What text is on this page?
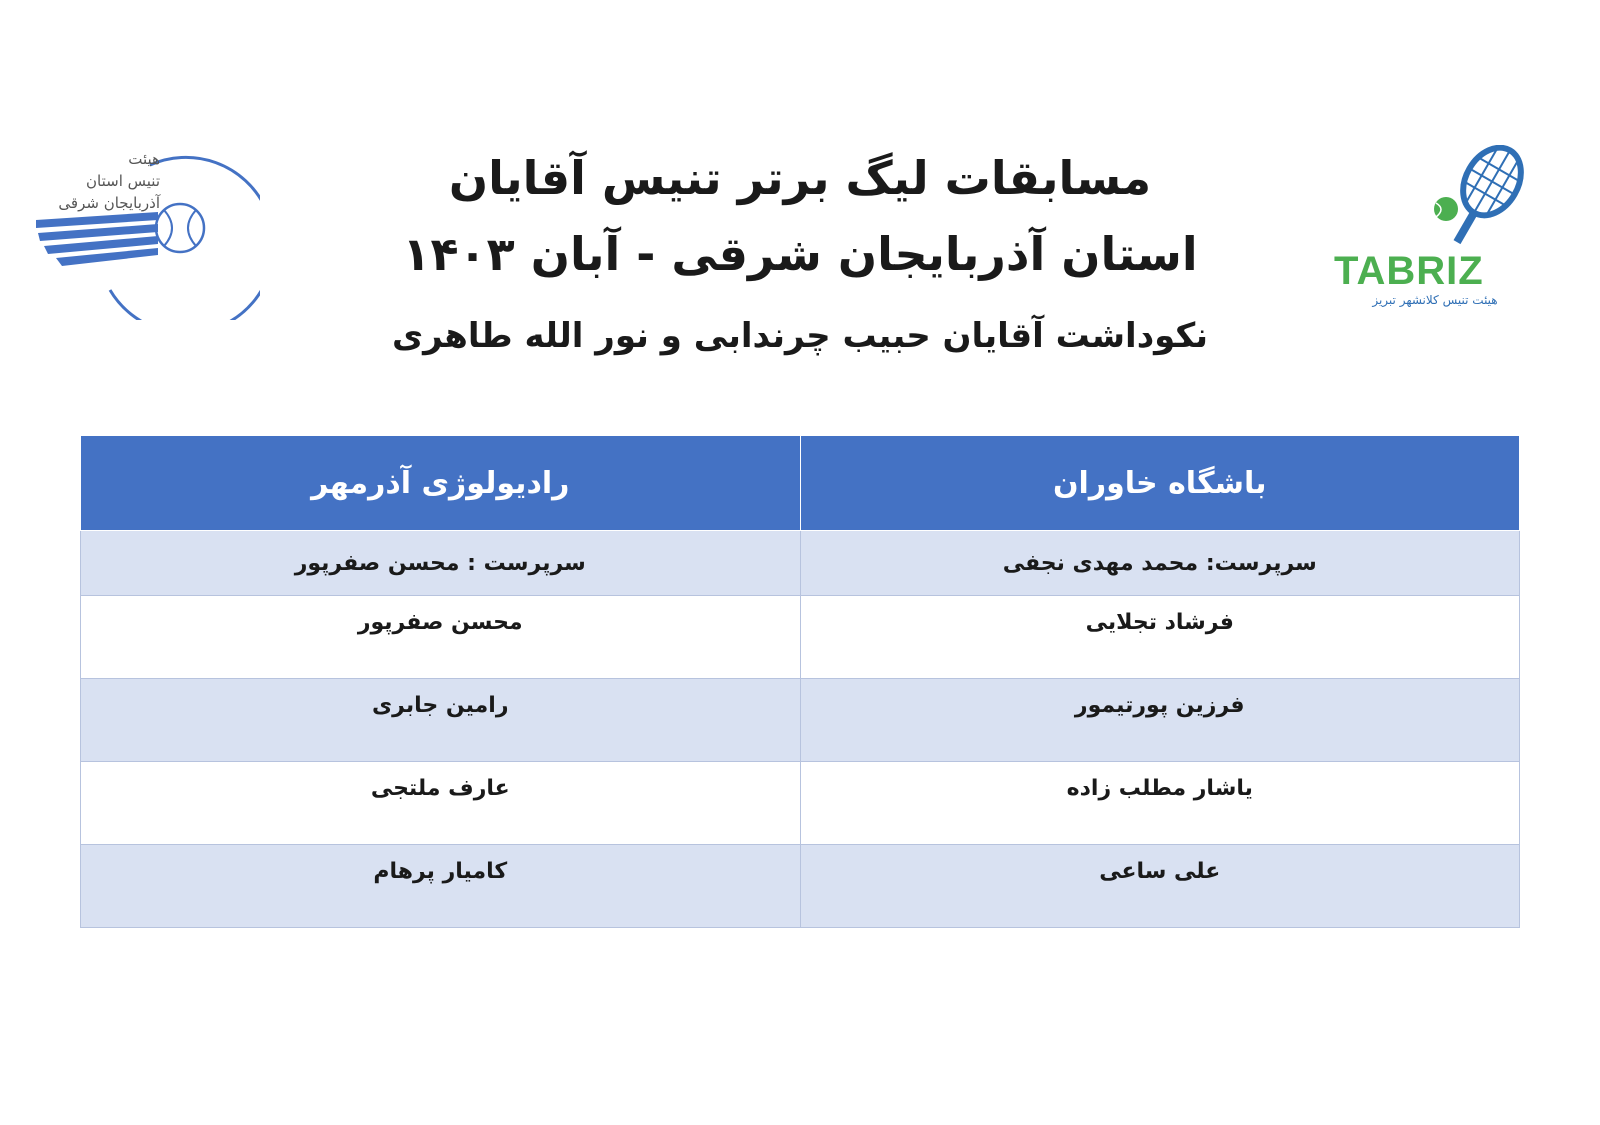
هیئت
تنیس استان
آذربایجان شرقی	مسابقات لیگ برتر تنیس آقایان
استان آذربایجان شرقی - آبان ۱۴۰۳
نکوداشت آقایان حبیب چرندابی و نور الله طاهری
TABRIZ
هیئت تنیس کلانشهر تبریز
رادیولوژی آذرمهر	باشگاه خاوران
سرپرست : محسن صفرپور	سرپرست: محمد مهدی نجفی
محسن صفرپور	فرشاد تجلایی
رامین جابری	فرزین پورتیمور
عارف ملتجی	یاشار مطلب زاده
کامیار پرهام	علی ساعی
